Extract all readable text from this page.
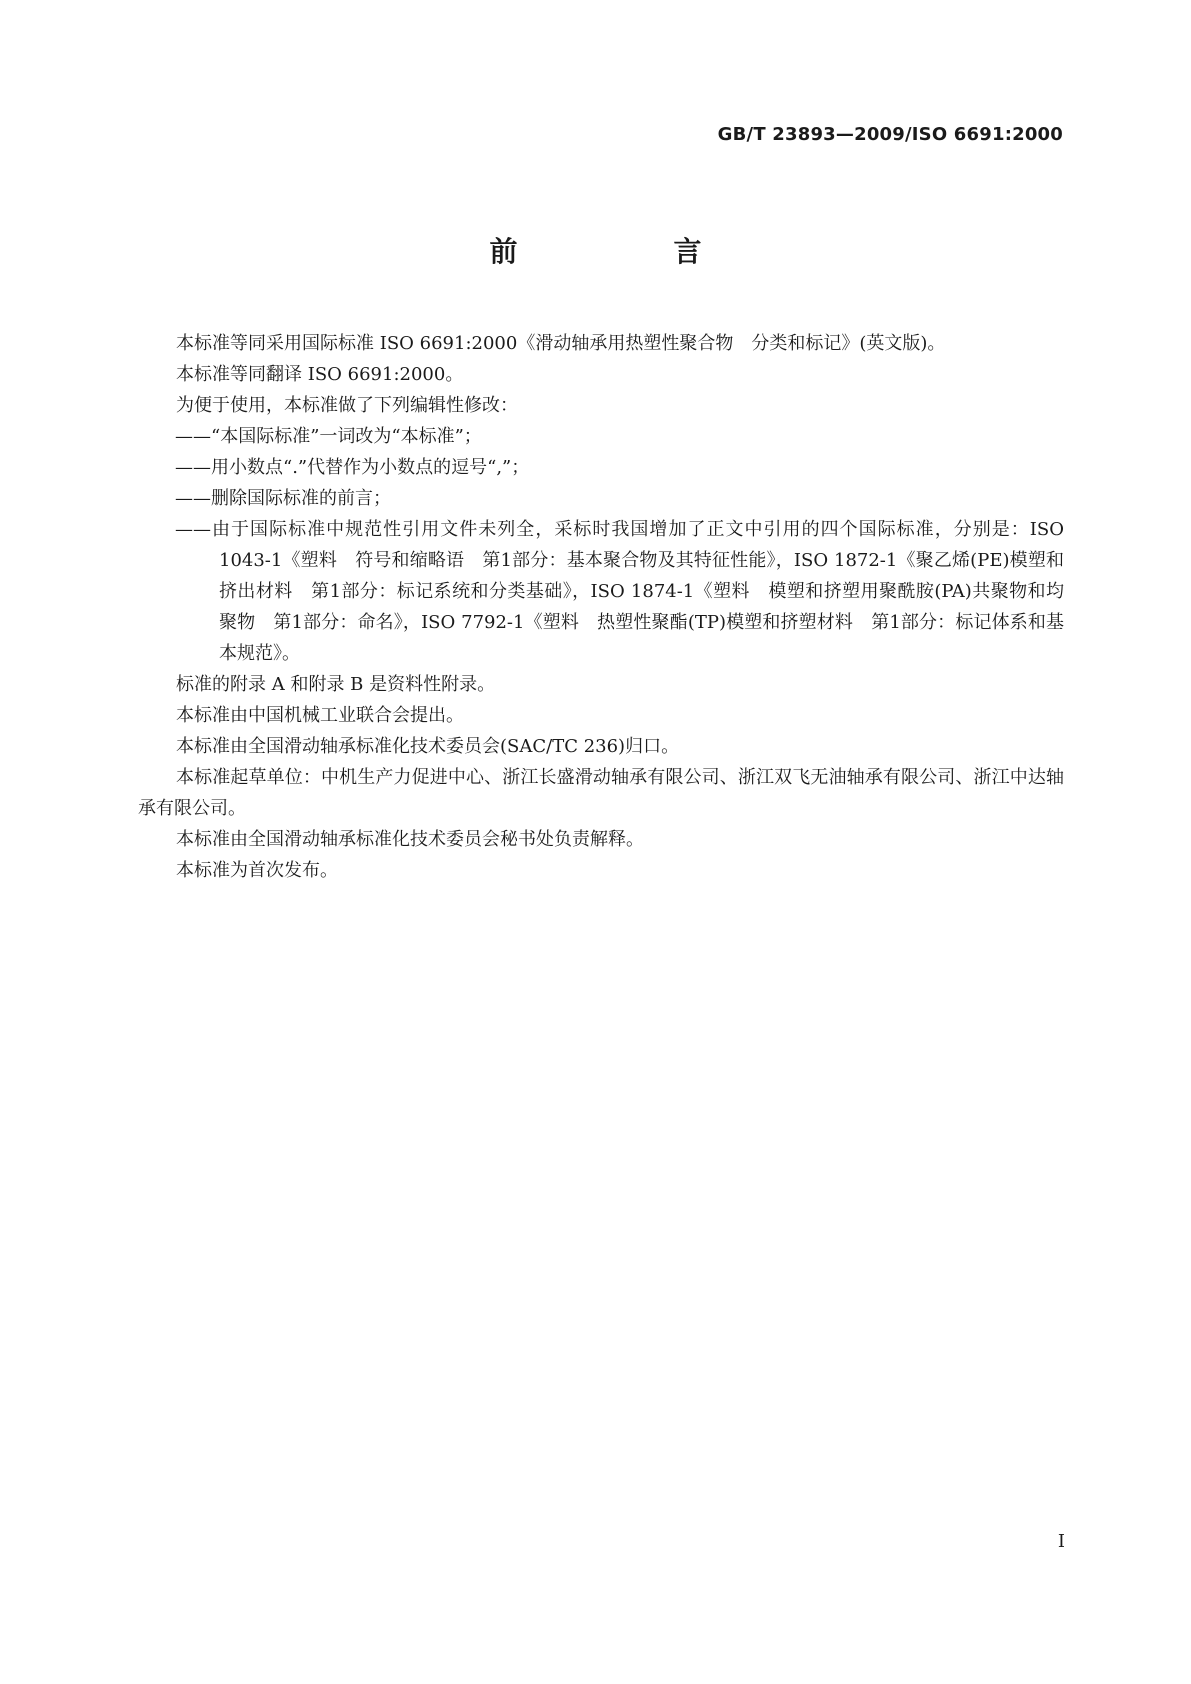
GB/T 23893—2009/ISO 6691:2000
前　言

本标准等同采用国际标准 ISO 6691:2000《滑动轴承用热塑性聚合物　分类和标记》(英文版)。

本标准等同翻译 ISO 6691:2000。

为便于使用，本标准做了下列编辑性修改：

——“本国际标准”一词改为“本标准”；

——用小数点“.”代替作为小数点的逗号“,”；

——删除国际标准的前言；

——由于国际标准中规范性引用文件未列全，采标时我国增加了正文中引用的四个国际标准，分别是：ISO 1043-1《塑料　符号和缩略语　第1部分：基本聚合物及其特征性能》，ISO 1872-1《聚乙烯(PE)模塑和挤出材料　第1部分：标记系统和分类基础》，ISO 1874-1《塑料　模塑和挤塑用聚酰胺(PA)共聚物和均聚物　第1部分：命名》，ISO 7792-1《塑料　热塑性聚酯(TP)模塑和挤塑材料　第1部分：标记体系和基本规范》。

标准的附录 A 和附录 B 是资料性附录。

本标准由中国机械工业联合会提出。

本标准由全国滑动轴承标准化技术委员会(SAC/TC 236)归口。

本标准起草单位：中机生产力促进中心、浙江长盛滑动轴承有限公司、浙江双飞无油轴承有限公司、浙江中达轴承有限公司。

本标准由全国滑动轴承标准化技术委员会秘书处负责解释。

本标准为首次发布。

I
